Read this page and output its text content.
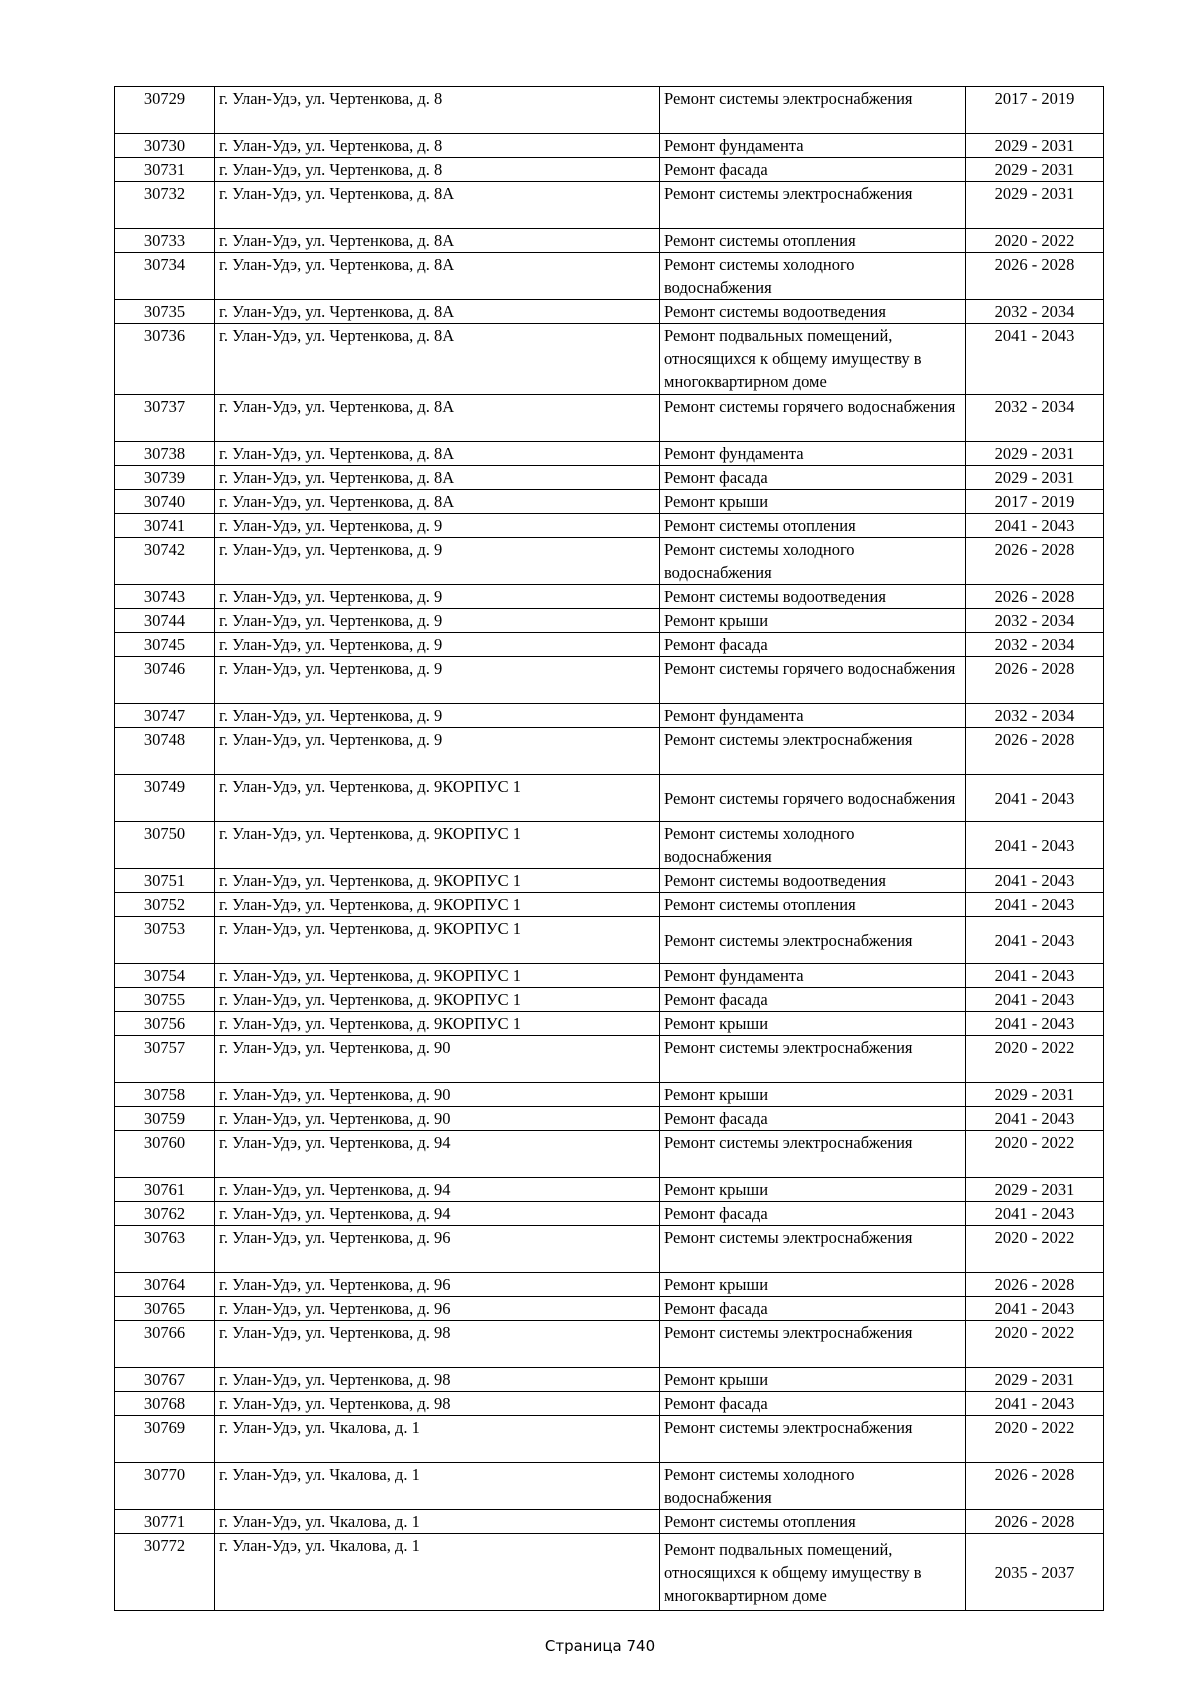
30729	г. Улан-Удэ, ул. Чертенкова, д. 8	Ремонт системы электроснабжения	2017 - 2019
30730	г. Улан-Удэ, ул. Чертенкова, д. 8	Ремонт фундамента	2029 - 2031
30731	г. Улан-Удэ, ул. Чертенкова, д. 8	Ремонт фасада	2029 - 2031
30732	г. Улан-Удэ, ул. Чертенкова, д. 8А	Ремонт системы электроснабжения	2029 - 2031
30733	г. Улан-Удэ, ул. Чертенкова, д. 8А	Ремонт системы отопления	2020 - 2022
30734	г. Улан-Удэ, ул. Чертенкова, д. 8А	Ремонт системы холодного водоснабжения	2026 - 2028
30735	г. Улан-Удэ, ул. Чертенкова, д. 8А	Ремонт системы водоотведения	2032 - 2034
30736	г. Улан-Удэ, ул. Чертенкова, д. 8А	Ремонт подвальных помещений, относящихся к общему имуществу в многоквартирном доме	2041 - 2043
30737	г. Улан-Удэ, ул. Чертенкова, д. 8А	Ремонт системы горячего водоснабжения	2032 - 2034
30738	г. Улан-Удэ, ул. Чертенкова, д. 8А	Ремонт фундамента	2029 - 2031
30739	г. Улан-Удэ, ул. Чертенкова, д. 8А	Ремонт фасада	2029 - 2031
30740	г. Улан-Удэ, ул. Чертенкова, д. 8А	Ремонт крыши	2017 - 2019
30741	г. Улан-Удэ, ул. Чертенкова, д. 9	Ремонт системы отопления	2041 - 2043
30742	г. Улан-Удэ, ул. Чертенкова, д. 9	Ремонт системы холодного водоснабжения	2026 - 2028
30743	г. Улан-Удэ, ул. Чертенкова, д. 9	Ремонт системы водоотведения	2026 - 2028
30744	г. Улан-Удэ, ул. Чертенкова, д. 9	Ремонт крыши	2032 - 2034
30745	г. Улан-Удэ, ул. Чертенкова, д. 9	Ремонт фасада	2032 - 2034
30746	г. Улан-Удэ, ул. Чертенкова, д. 9	Ремонт системы горячего водоснабжения	2026 - 2028
30747	г. Улан-Удэ, ул. Чертенкова, д. 9	Ремонт фундамента	2032 - 2034
30748	г. Улан-Удэ, ул. Чертенкова, д. 9	Ремонт системы электроснабжения	2026 - 2028
30749	г. Улан-Удэ, ул. Чертенкова, д. 9КОРПУС 1	Ремонт системы горячего водоснабжения	2041 - 2043
30750	г. Улан-Удэ, ул. Чертенкова, д. 9КОРПУС 1	Ремонт системы холодного водоснабжения	2041 - 2043
30751	г. Улан-Удэ, ул. Чертенкова, д. 9КОРПУС 1	Ремонт системы водоотведения	2041 - 2043
30752	г. Улан-Удэ, ул. Чертенкова, д. 9КОРПУС 1	Ремонт системы отопления	2041 - 2043
30753	г. Улан-Удэ, ул. Чертенкова, д. 9КОРПУС 1	Ремонт системы электроснабжения	2041 - 2043
30754	г. Улан-Удэ, ул. Чертенкова, д. 9КОРПУС 1	Ремонт фундамента	2041 - 2043
30755	г. Улан-Удэ, ул. Чертенкова, д. 9КОРПУС 1	Ремонт фасада	2041 - 2043
30756	г. Улан-Удэ, ул. Чертенкова, д. 9КОРПУС 1	Ремонт крыши	2041 - 2043
30757	г. Улан-Удэ, ул. Чертенкова, д. 90	Ремонт системы электроснабжения	2020 - 2022
30758	г. Улан-Удэ, ул. Чертенкова, д. 90	Ремонт крыши	2029 - 2031
30759	г. Улан-Удэ, ул. Чертенкова, д. 90	Ремонт фасада	2041 - 2043
30760	г. Улан-Удэ, ул. Чертенкова, д. 94	Ремонт системы электроснабжения	2020 - 2022
30761	г. Улан-Удэ, ул. Чертенкова, д. 94	Ремонт крыши	2029 - 2031
30762	г. Улан-Удэ, ул. Чертенкова, д. 94	Ремонт фасада	2041 - 2043
30763	г. Улан-Удэ, ул. Чертенкова, д. 96	Ремонт системы электроснабжения	2020 - 2022
30764	г. Улан-Удэ, ул. Чертенкова, д. 96	Ремонт крыши	2026 - 2028
30765	г. Улан-Удэ, ул. Чертенкова, д. 96	Ремонт фасада	2041 - 2043
30766	г. Улан-Удэ, ул. Чертенкова, д. 98	Ремонт системы электроснабжения	2020 - 2022
30767	г. Улан-Удэ, ул. Чертенкова, д. 98	Ремонт крыши	2029 - 2031
30768	г. Улан-Удэ, ул. Чертенкова, д. 98	Ремонт фасада	2041 - 2043
30769	г. Улан-Удэ, ул. Чкалова, д. 1	Ремонт системы электроснабжения	2020 - 2022
30770	г. Улан-Удэ, ул. Чкалова, д. 1	Ремонт системы холодного водоснабжения	2026 - 2028
30771	г. Улан-Удэ, ул. Чкалова, д. 1	Ремонт системы отопления	2026 - 2028
30772	г. Улан-Удэ, ул. Чкалова, д. 1	Ремонт подвальных помещений, относящихся к общему имуществу в многоквартирном доме	2035 - 2037
Страница 740
